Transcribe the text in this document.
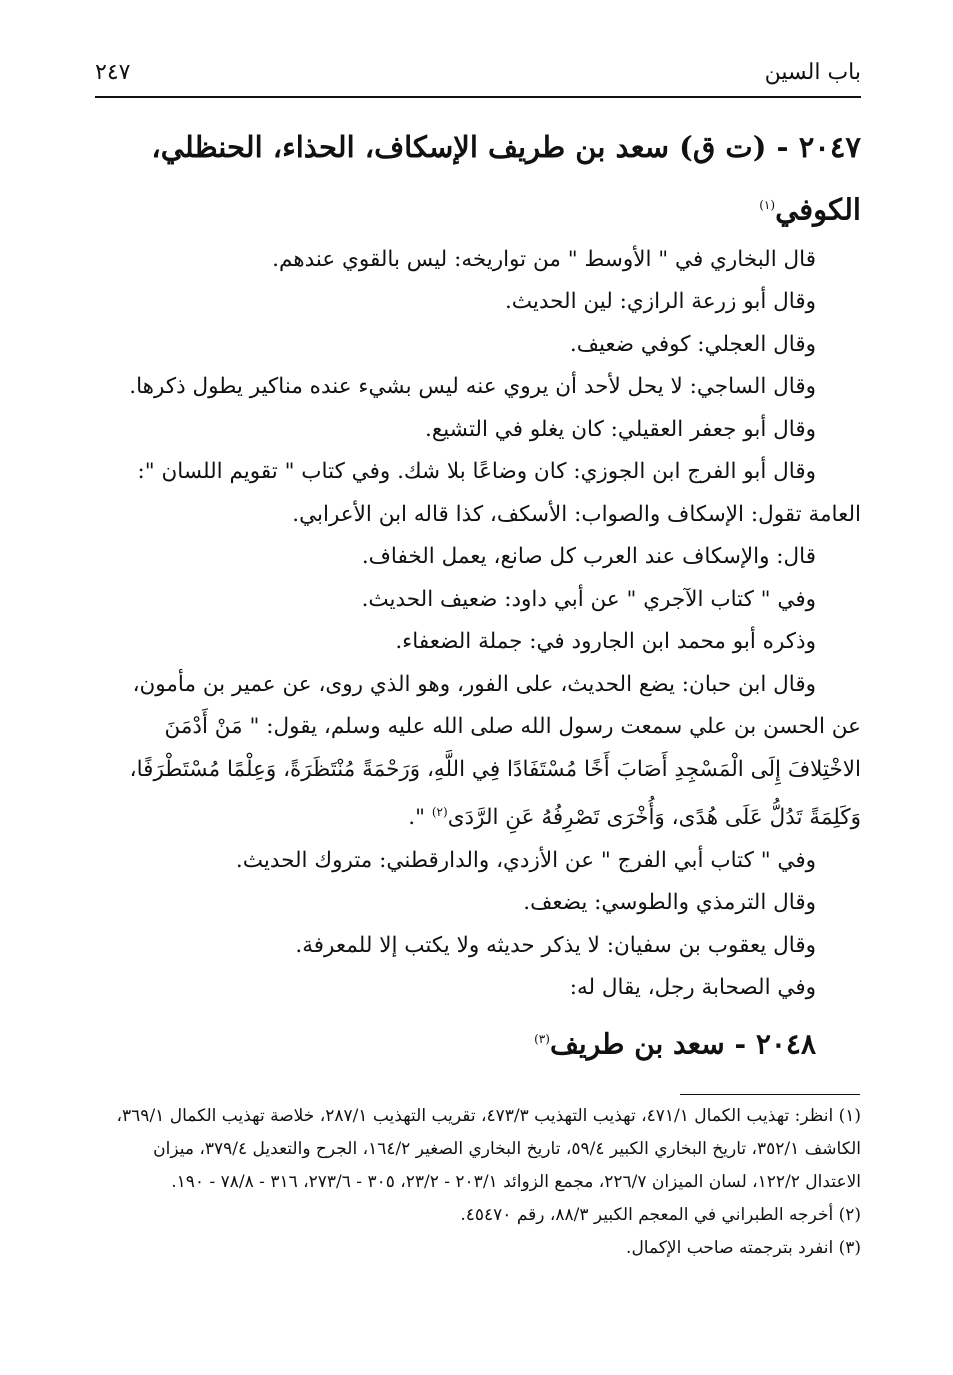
باب السين
٢٤٧
٢٠٤٧ - (ت ق) سعد بن طريف الإسكاف، الحذاء، الحنظلي،
الكوفي$^{(١)}$

قال البخاري في " الأوسط " من تواريخه: ليس بالقوي عندهم.

وقال أبو زرعة الرازي: لين الحديث.

وقال العجلي: كوفي ضعيف.

وقال الساجي: لا يحل لأحد أن يروي عنه ليس بشيء عنده مناكير يطول ذكرها.

وقال أبو جعفر العقيلي: كان يغلو في التشيع.

وقال أبو الفرج ابن الجوزي: كان وضاعًا بلا شك. وفي كتاب " تقويم اللسان ":

العامة تقول: الإسكاف والصواب: الأسكف، كذا قاله ابن الأعرابي.

قال: والإسكاف عند العرب كل صانع، يعمل الخفاف.

وفي " كتاب الآجري " عن أبي داود: ضعيف الحديث.

وذكره أبو محمد ابن الجارود في: جملة الضعفاء.

وقال ابن حبان: يضع الحديث، على الفور، وهو الذي روى، عن عمير بن مأمون،

عن الحسن بن علي سمعت رسول الله صلى الله عليه وسلم، يقول: " مَنْ أَدْمَنَ

الاخْتِلافَ إِلَى الْمَسْجِدِ أَصَابَ أَخًا مُسْتَفَادًا فِي اللَّهِ، وَرَحْمَةً مُنْتَظَرَةً، وَعِلْمًا مُسْتَطْرَفًا،

وَكَلِمَةً تَدُلُّ عَلَى هُدًى، وَأُخْرَى تَصْرِفُهُ عَنِ الرَّدَى$^{(٢)}$ ".

وفي " كتاب أبي الفرج " عن الأزدي، والدارقطني: متروك الحديث.

وقال الترمذي والطوسي: يضعف.

وقال يعقوب بن سفيان: لا يذكر حديثه ولا يكتب إلا للمعرفة.

وفي الصحابة رجل، يقال له:

٢٠٤٨ - سعد بن طريف$^{(٣)}$

(١) انظر: تهذيب الكمال ٤٧١/١، تهذيب التهذيب ٤٧٣/٣، تقريب التهذيب ٢٨٧/١، خلاصة تهذيب الكمال ٣٦٩/١، الكاشف ٣٥٢/١، تاريخ البخاري الكبير ٥٩/٤، تاريخ البخاري الصغير ١٦٤/٢، الجرح والتعديل ٣٧٩/٤، ميزان الاعتدال ١٢٢/٢، لسان الميزان ٢٢٦/٧، مجمع الزوائد ٢٠٣/١ - ٢٣/٢، ٣٠٥ - ٢٧٣/٦، ٣١٦ - ٧٨/٨ - ١٩٠.

(٢) أخرجه الطبراني في المعجم الكبير ٨٨/٣، رقم ٤٥٤٧٠.

(٣) انفرد بترجمته صاحب الإكمال.
